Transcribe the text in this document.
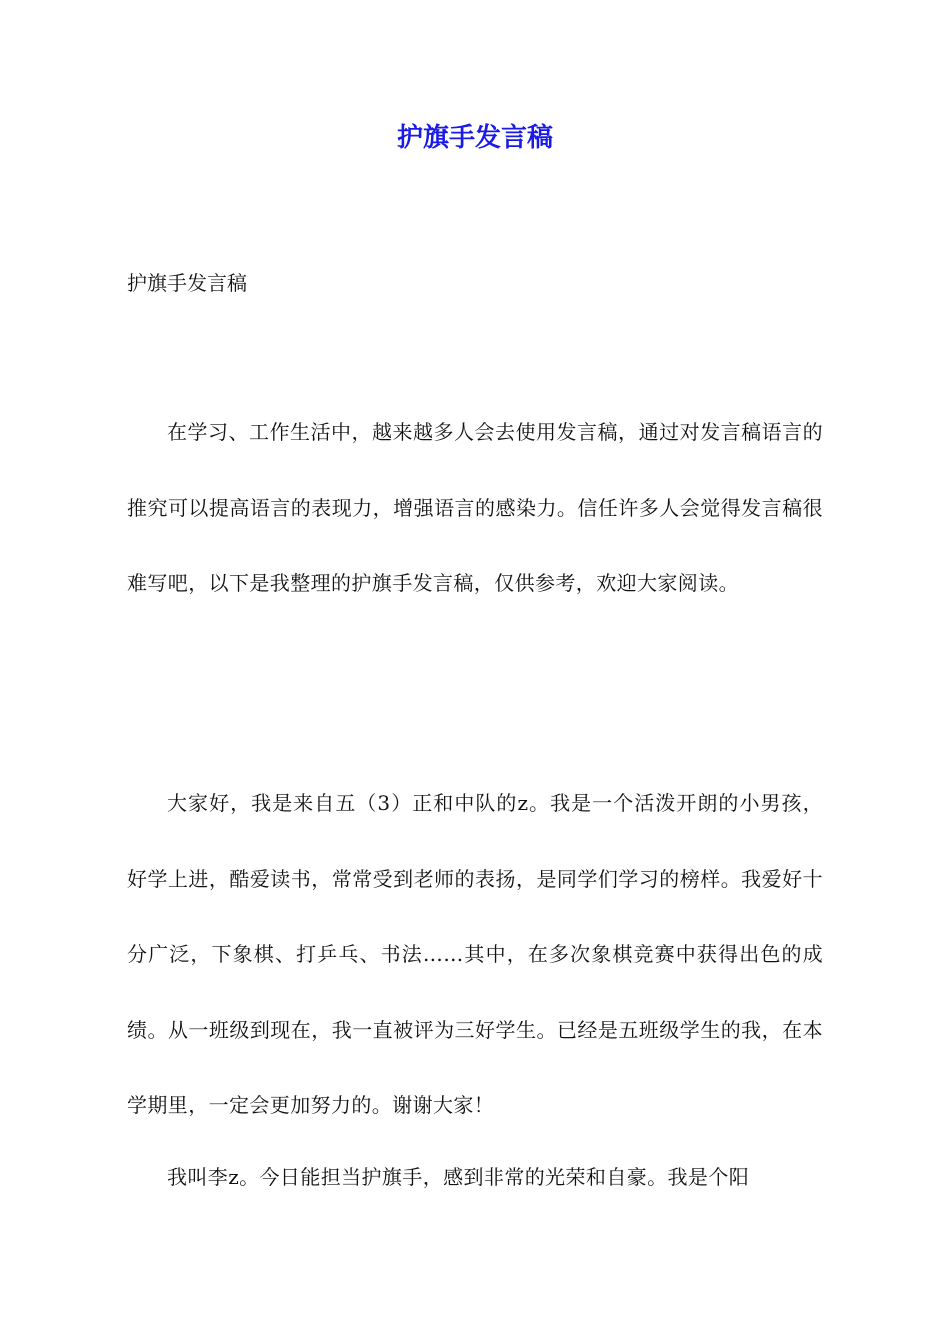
护旗手发言稿

护旗手发言稿

在学习、工作生活中，越来越多人会去使用发言稿，通过对发言稿语言的推究可以提高语言的表现力，增强语言的感染力。信任许多人会觉得发言稿很难写吧，以下是我整理的护旗手发言稿，仅供参考，欢迎大家阅读。

大家好，我是来自五（3）正和中队的z。我是一个活泼开朗的小男孩，好学上进，酷爱读书，常常受到老师的表扬，是同学们学习的榜样。我爱好十分广泛，下象棋、打乒乓、书法……其中，在多次象棋竞赛中获得出色的成绩。从一班级到现在，我一直被评为三好学生。已经是五班级学生的我，在本学期里，一定会更加努力的。谢谢大家！

我叫李z。今日能担当护旗手，感到非常的光荣和自豪。我是个阳
